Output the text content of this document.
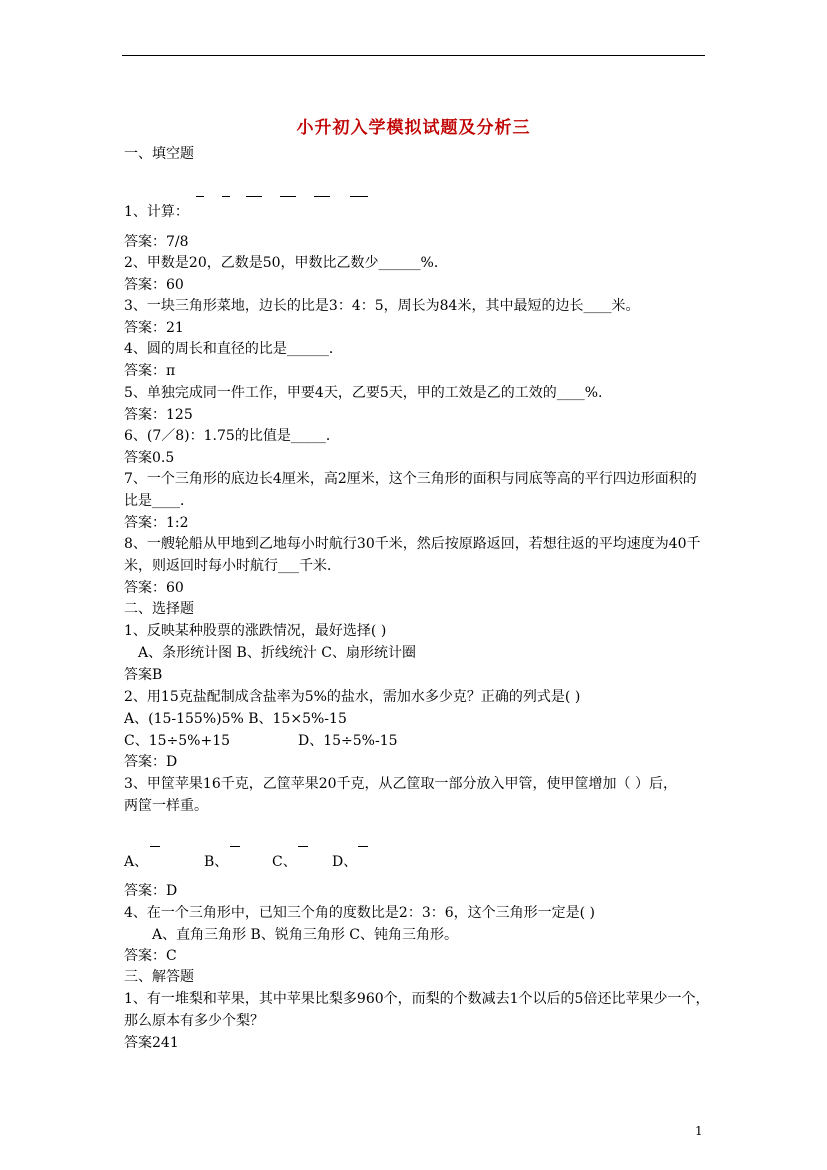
小升初入学模拟试题及分析三
一、填空题
1、计算：
答案：7/8
2、甲数是20，乙数是50，甲数比乙数少______%．
答案：60
3、一块三角形菜地，边长的比是3：4：5，周长为84米，其中最短的边长____米。
答案：21
4、圆的周长和直径的比是______．
答案：π
5、单独完成同一件工作，甲要4天，乙要5天，甲的工效是乙的工效的____%.
答案：125
6、(7／8)：1.75的比值是_____．
答案0.5
7、一个三角形的底边长4厘米，高2厘米，这个三角形的面积与同底等高的平行四边形面积的
比是____．
答案：1:2
8、一艘轮船从甲地到乙地每小时航行30千米，然后按原路返回，若想往返的平均速度为40千
米，则返回时每小时航行___千米．
答案：60
二、选择题
1、反映某种股票的涨跌情况，最好选择( )
A、条形统计图 B、折线统汁 C、扇形统计圈
答案B
2、用15克盐配制成含盐率为5%的盐水，需加水多少克？正确的列式是( )
A、(15-155%)5% B、15×5%-15
C、15÷5%+15	D、15÷5%-15
答案：D
3、甲筐苹果16千克，乙筐苹果20千克，从乙筐取一部分放入甲管，使甲筐增加（ ）后，
两筐一样重。
A、	B、	C、	D、
答案：D
4、在一个三角形中，已知三个角的度数比是2：3：6，这个三角形一定是( )
A、直角三角形 B、锐角三角形 C、钝角三角形。
答案：C
三、解答题
1、有一堆梨和苹果，其中苹果比梨多960个，而梨的个数减去1个以后的5倍还比苹果少一个，
那么原本有多少个梨？
答案241
1
